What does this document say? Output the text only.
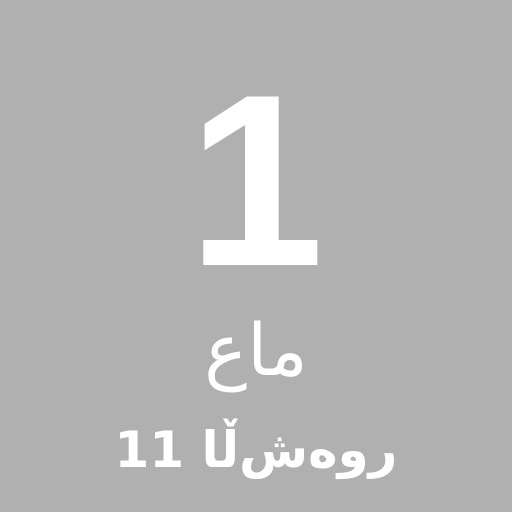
1
ماع
روەش‌ڵا 11
